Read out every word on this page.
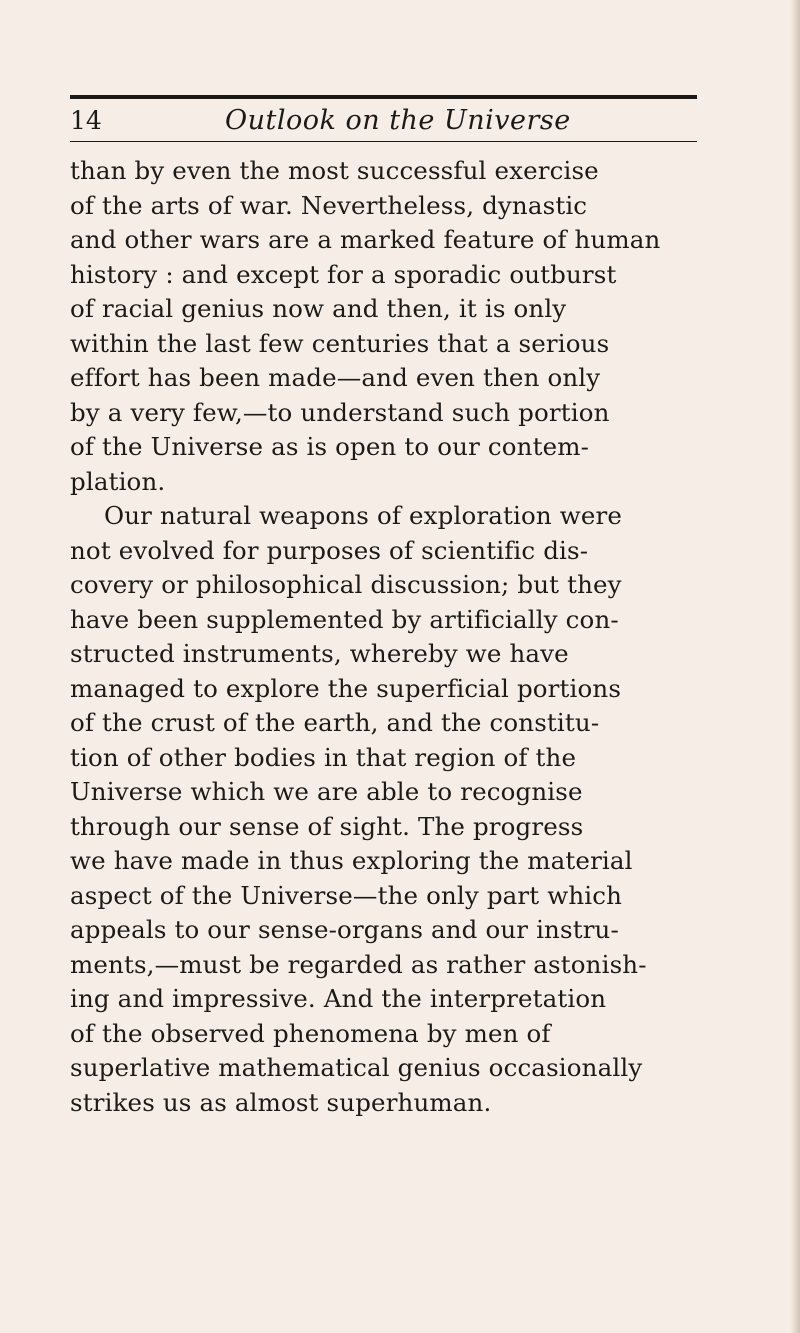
14	Outlook on the Universe
than by even the most successful exercise
of the arts of war. Nevertheless, dynastic
and other wars are a marked feature of human
history : and except for a sporadic outburst
of racial genius now and then, it is only
within the last few centuries that a serious
effort has been made—and even then only
by a very few,—to understand such portion
of the Universe as is open to our contem-
plation.
Our natural weapons of exploration were
not evolved for purposes of scientific dis-
covery or philosophical discussion; but they
have been supplemented by artificially con-
structed instruments, whereby we have
managed to explore the superficial portions
of the crust of the earth, and the constitu-
tion of other bodies in that region of the
Universe which we are able to recognise
through our sense of sight. The progress
we have made in thus exploring the material
aspect of the Universe—the only part which
appeals to our sense-organs and our instru-
ments,—must be regarded as rather astonish-
ing and impressive. And the interpretation
of the observed phenomena by men of
superlative mathematical genius occasionally
strikes us as almost superhuman.
